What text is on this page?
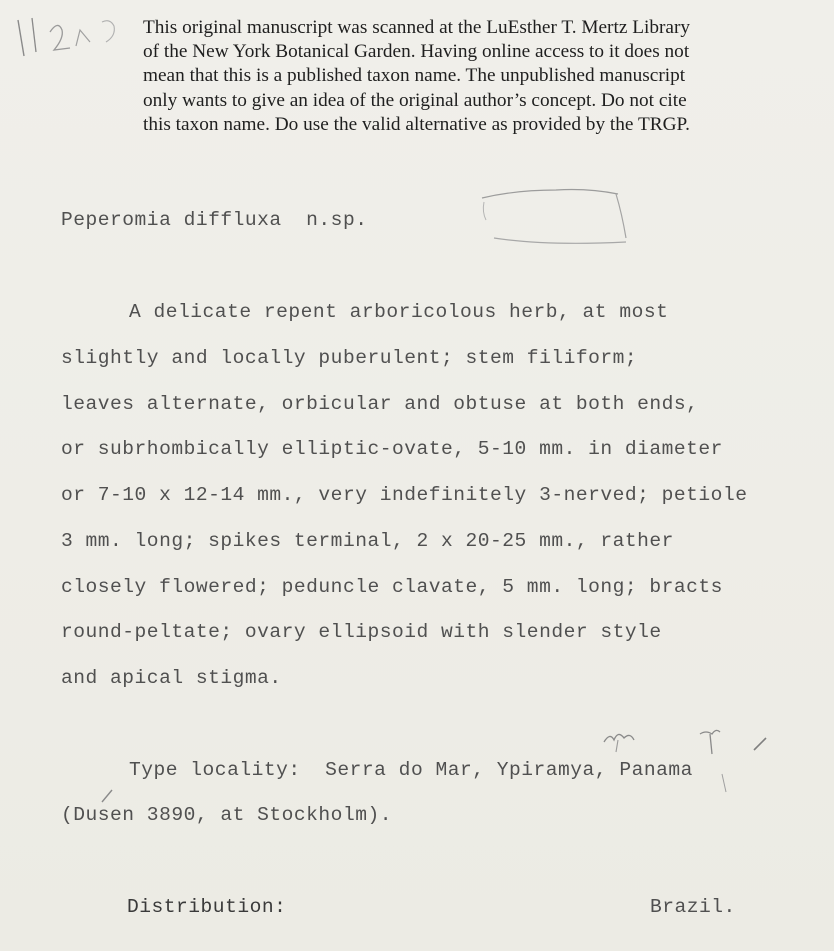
This original manuscript was scanned at the LuEsther T. Mertz Library
of the New York Botanical Garden. Having online access to it does not
mean that this is a published taxon name. The unpublished manuscript
only wants to give an idea of the original author’s concept. Do not cite
this taxon name. Do use the valid alternative as provided by the TRGP.
Peperomia diffluxa  n.sp.
A delicate repent arboricolous herb, at most
slightly and locally puberulent; stem filiform;
leaves alternate, orbicular and obtuse at both ends,
or subrhombically elliptic-ovate, 5-10 mm. in diameter
or 7-10 x 12-14 mm., very indefinitely 3-nerved; petiole
3 mm. long; spikes terminal, 2 x 20-25 mm., rather
closely flowered; peduncle clavate, 5 mm. long; bracts
round-peltate; ovary ellipsoid with slender style
and apical stigma.
Type locality:  Serra do Mar, Ypiramya, Panama
(Dusen 3890, at Stockholm).
Distribution:	Brazil.
